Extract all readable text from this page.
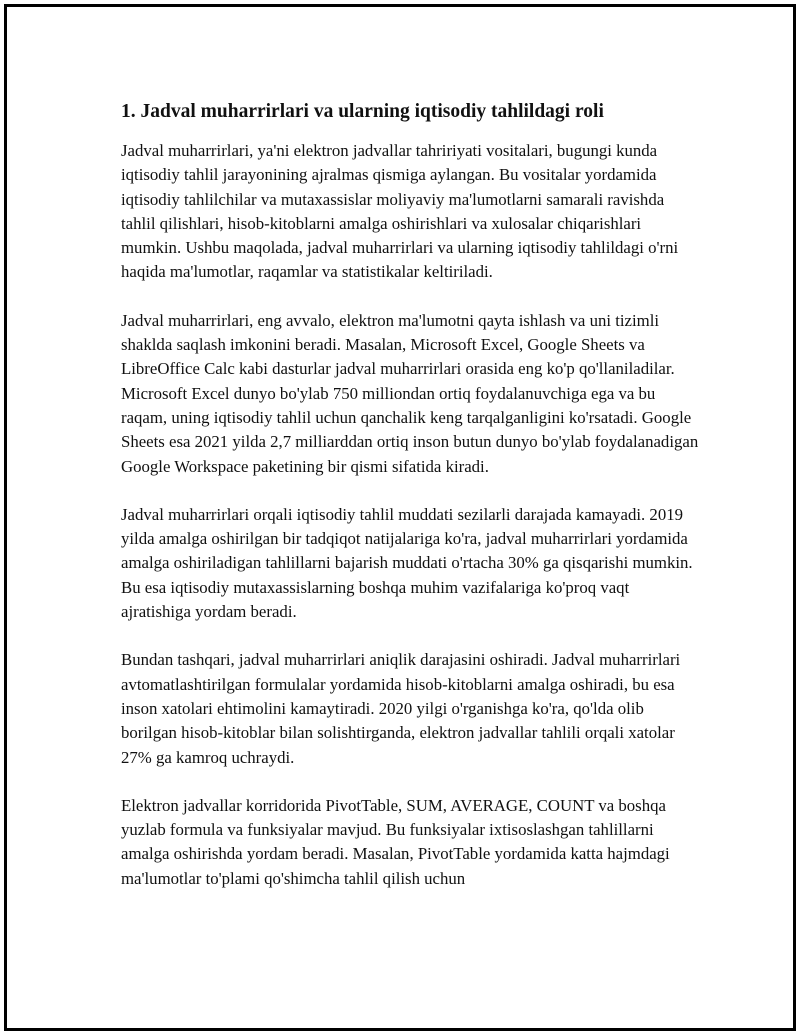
1. Jadval muharrirlari va ularning iqtisodiy tahlildagi roli

Jadval muharrirlari, ya'ni elektron jadvallar tahririyati vositalari, bugungi kunda iqtisodiy tahlil jarayonining ajralmas qismiga aylangan. Bu vositalar yordamida iqtisodiy tahlilchilar va mutaxassislar moliyaviy ma'lumotlarni samarali ravishda tahlil qilishlari, hisob-kitoblarni amalga oshirishlari va xulosalar chiqarishlari mumkin. Ushbu maqolada, jadval muharrirlari va ularning iqtisodiy tahlildagi o'rni haqida ma'lumotlar, raqamlar va statistikalar keltiriladi.

Jadval muharrirlari, eng avvalo, elektron ma'lumotni qayta ishlash va uni tizimli shaklda saqlash imkonini beradi. Masalan, Microsoft Excel, Google Sheets va LibreOffice Calc kabi dasturlar jadval muharrirlari orasida eng ko'p qo'llaniladilar. Microsoft Excel dunyo bo'ylab 750 milliondan ortiq foydalanuvchiga ega va bu raqam, uning iqtisodiy tahlil uchun qanchalik keng tarqalganligini ko'rsatadi. Google Sheets esa 2021 yilda 2,7 milliarddan ortiq inson butun dunyo bo'ylab foydalanadigan Google Workspace paketining bir qismi sifatida kiradi.

Jadval muharrirlari orqali iqtisodiy tahlil muddati sezilarli darajada kamayadi. 2019 yilda amalga oshirilgan bir tadqiqot natijalariga ko'ra, jadval muharrirlari yordamida amalga oshiriladigan tahlillarni bajarish muddati o'rtacha 30% ga qisqarishi mumkin. Bu esa iqtisodiy mutaxassislarning boshqa muhim vazifalariga ko'proq vaqt ajratishiga yordam beradi.

Bundan tashqari, jadval muharrirlari aniqlik darajasini oshiradi. Jadval muharrirlari avtomatlashtirilgan formulalar yordamida hisob-kitoblarni amalga oshiradi, bu esa inson xatolari ehtimolini kamaytiradi. 2020 yilgi o'rganishga ko'ra, qo'lda olib borilgan hisob-kitoblar bilan solishtirganda, elektron jadvallar tahlili orqali xatolar 27% ga kamroq uchraydi.

Elektron jadvallar korridorida PivotTable, SUM, AVERAGE, COUNT va boshqa yuzlab formula va funksiyalar mavjud. Bu funksiyalar ixtisoslashgan tahlillarni amalga oshirishda yordam beradi. Masalan, PivotTable yordamida katta hajmdagi ma'lumotlar to'plami qo'shimcha tahlil qilish uchun
